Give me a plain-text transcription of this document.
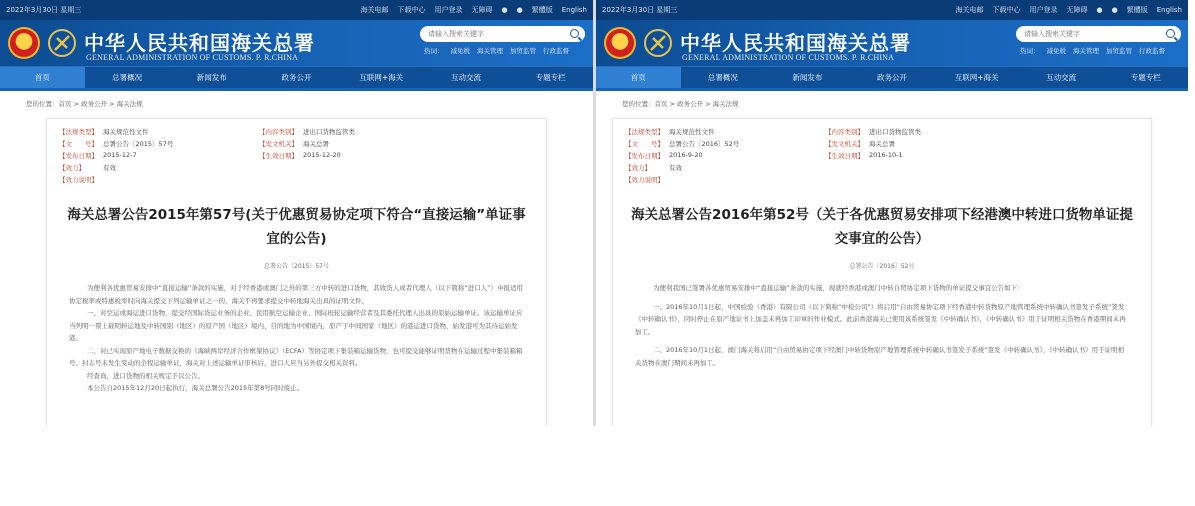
2022年3月30日 星期三	海关电邮 下载中心 用户登录 无障碍 ● ● 繁體版 English
中华人民共和国海关总署
GENERAL ADMINISTRATION OF CUSTOMS. P. R.CHINA
请输入搜索关键字
热词： 减免税 海关管理 加贸监管 行政监督
首页	总署概况	新闻发布	政务公开	互联网+海关	互动交流	专题专栏
您的位置：首页 > 政务公开 > 海关法规
【法规类型】 海关规范性文件	【内容类别】 进出口货物监管类
【文　　号】 总署公告〔2015〕57号	【发文机关】 海关总署
【发布日期】 2015-12-7	【生效日期】 2015-12-20
【效力】	有效
【效力说明】
海关总署公告2015年第57号(关于优惠贸易协定项下符合“直接运输”单证事宜的公告)
总署公告〔2015〕57号

为便利各优惠贸易安排中“直接运输”条款的实施，对于经香港或澳门之外的第三方中转的进口货物，其收货人或者代理人（以下简称“进口人”）申报适用协定税率或特惠税率时向海关提交下列运输单证之一的，海关不再要求提交中转地海关出具的证明文件。

一、对空运或海运进口货物，提交经国际货运业务的企业、民用航空运输企业、国际班轮运输经营者及其委托代理人出具的原始运输单证。该运输单证应当列明一票上载明转运地及中转国别（地区）的原产国（地区）境内、目的地为中国境内，原产于中间国家（地区）的港运进口货物，始发港可为其待运始发港。

二、对已实现原产地电子数据交换的《海峡两岸经济合作框架协议》（ECFA）等协定项下集装箱运输货物，也可提交能够证明货物在运输过程中集装箱箱号、封志号未发生变动的全程运输单证，海关对上述运输单证审核后，进口人应当另外提交相关资料。

经查询，进口货物的相关规定予以公告。

本公告自2015年12月20日起执行，海关总署公告2015年第8号同时废止。

2022年3月30日 星期三	海关电邮 下载中心 用户登录 无障碍 ● ● 繁體版 English
中华人民共和国海关总署
GENERAL ADMINISTRATION OF CUSTOMS. P. R.CHINA
请输入搜索关键字
热词： 减免税 海关管理 加贸监管 行政监督
首页	总署概况	新闻发布	政务公开	互联网+海关	互动交流	专题专栏
您的位置：首页 > 政务公开 > 海关法规
【法规类型】 海关规范性文件	【内容类别】 进出口货物监管类
【文　　号】 总署公告〔2016〕52号	【发文机关】 海关总署
【发布日期】 2016-9-20	【生效日期】 2016-10-1
【效力】	有效
【效力说明】
海关总署公告2016年第52号（关于各优惠贸易安排项下经港澳中转进口货物单证提交事宜的公告）
总署公告〔2016〕52号

为便利我国已签署各优惠贸易安排中“直接运输”条款的实施，现就经香港或澳门中转自贸协定项下货物的单证提交事宜公告如下：

一、2016年10月1日起，中国检验（香港）有限公司（以下简称“中检公司”）将启用“自由贸易协定项下经香港中转货物原产地管理系统中转确认书签发子系统”签发《中转确认书》，同时停止在原产地证书上加盖未再加工印章的作业模式。此前香港海关已使用该系统签发《中转确认书》，《中转确认书》用于证明相关货物在香港期间未再加工。

二、2016年10月1日起，澳门海关将启用“自由贸易协定项下经澳门中转货物原产地管理系统中转确认书签发子系统”签发《中转确认书》，《中转确认书》用于证明相关货物在澳门期间未再加工。
